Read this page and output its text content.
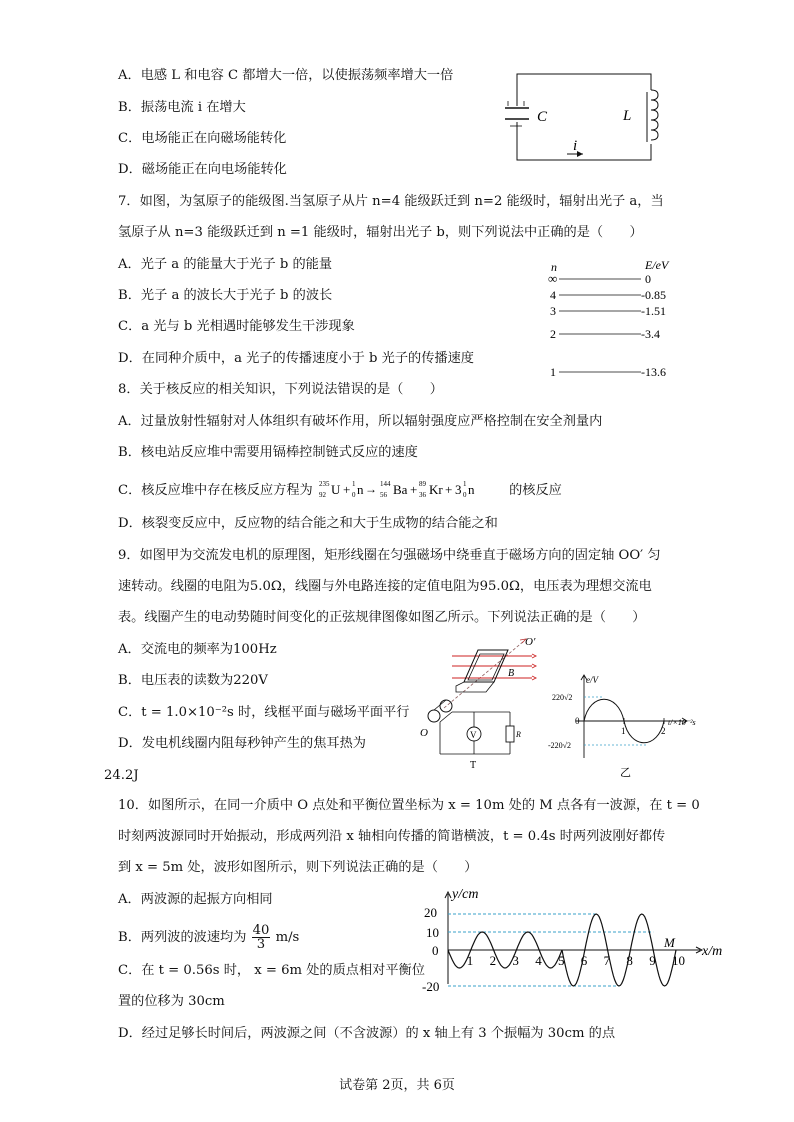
A．电感 L 和电容 C 都增大一倍，以使振荡频率增大一倍
B．振荡电流 i 在增大
C．电场能正在向磁场能转化
D．磁场能正在向电场能转化
C	L
i
7．如图，为氢原子的能级图.当氢原子从片 n=4 能级跃迁到 n=2 能级时，辐射出光子 a，当
氢原子从 n=3 能级跃迁到 n =1 能级时，辐射出光子 b，则下列说法中正确的是（　　）
A．光子 a 的能量大于光子 b 的能量
B．光子 a 的波长大于光子 b 的波长
C．a 光与 b 光相遇时能够发生干涉现象
D．在同种介质中，a 光子的传播速度小于 b 光子的传播速度
n	E/eV
∞	0
4	-0.85
3	-1.51
2	-3.4
1	-13.6
8．关于核反应的相关知识，下列说法错误的是（　　）
A．过量放射性辐射对人体组织有破坏作用，所以辐射强度应严格控制在安全剂量内
B．核电站反应堆中需要用镉棒控制链式反应的速度
C．核反应堆中存在核反应方程为 235
92 U + 1
0 n → 144
56 Ba + 89
36 Kr + 3 1
0 n	的核反应
D．核裂变反应中，反应物的结合能之和大于生成物的结合能之和
9．如图甲为交流发电机的原理图，矩形线圈在匀强磁场中绕垂直于磁场方向的固定轴 OO′ 匀
速转动。线圈的电阻为5.0Ω，线圈与外电路连接的定值电阻为95.0Ω，电压表为理想交流电
表。线圈产生的电动势随时间变化的正弦规律图像如图乙所示。下列说法正确的是（　　）
A．交流电的频率为100Hz
B．电压表的读数为220V
C．t = 1.0×10⁻²s 时，线框平面与磁场平面平行
D．发电机线圈内阻每秒钟产生的焦耳热为
24.2J
O′
B
O	V	R
T
e/V
220√2
0
-220√2
1	2
t/×10⁻²s
乙
10．如图所示，在同一介质中 O 点处和平衡位置坐标为 x = 10m 处的 M 点各有一波源，在 t = 0
时刻两波源同时开始振动，形成两列沿 x 轴相向传播的简谐横波，t = 0.4s 时两列波刚好都传
到 x = 5m 处，波形如图所示，则下列说法正确的是（　　）
A．两波源的起振方向相同
B．两列波的波速均为 $\frac{40}{3} m/s$
C．在 t = 0.56s 时， x = 6m 处的质点相对平衡位
置的位移为 30cm
D．经过足够长时间后，两波源之间（不含波源）的 x 轴上有 3 个振幅为 30cm 的点
y/cm
x/m
M
20
10
0
-20
1 2 3 4 5 6 7 8 9 10
试卷第 2页，共 6页
